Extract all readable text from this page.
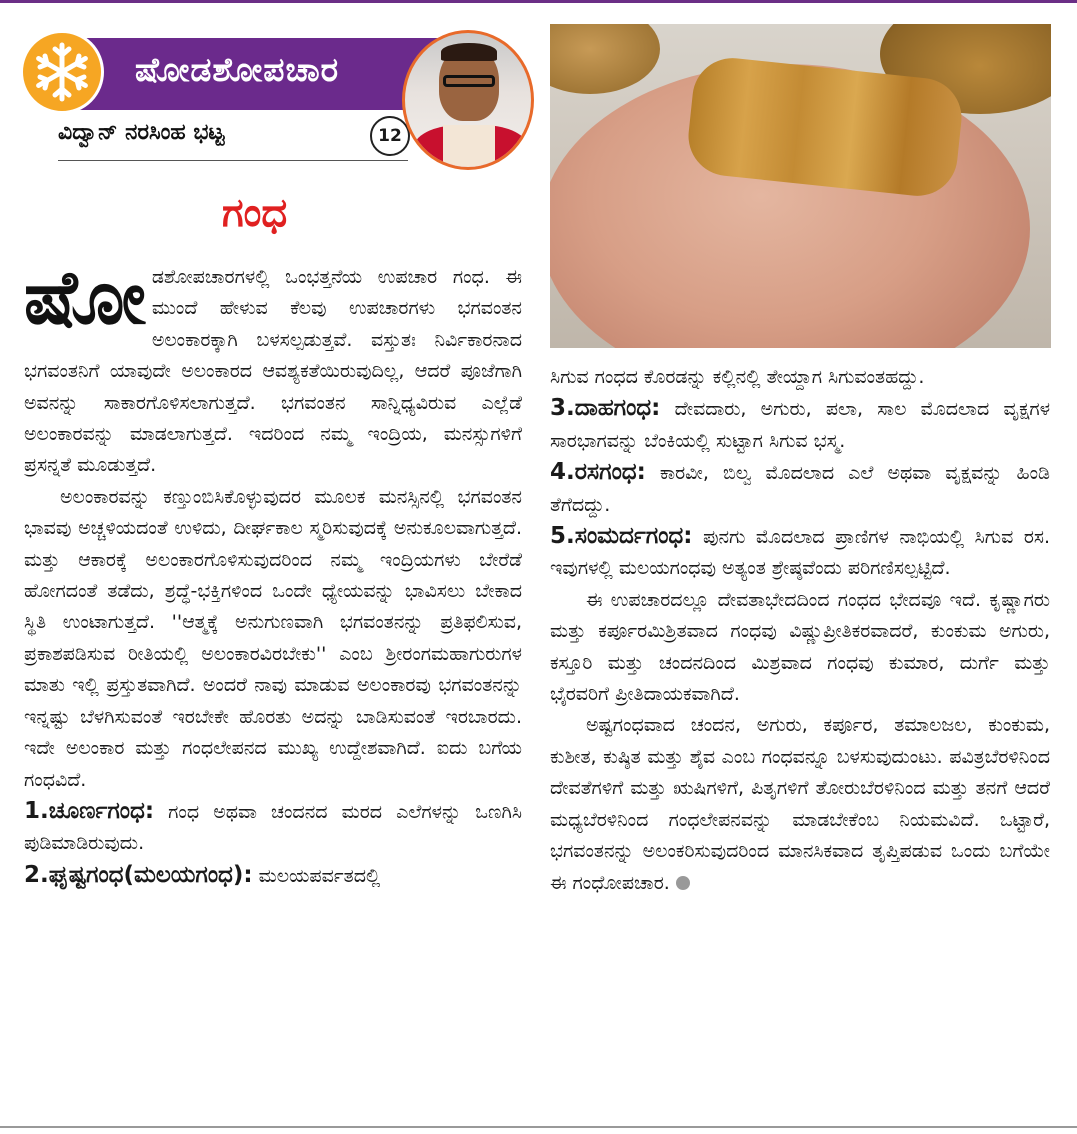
ಷೋಡಶೋಪಚಾರ
ವಿದ್ವಾನ್ ನರಸಿಂಹ ಭಟ್ಟ	12
ಗಂಧ

ಷೋಡಶೋಪಚಾರಗಳಲ್ಲಿ ಒಂಭತ್ತನೆಯ ಉಪಚಾರ ಗಂಧ. ಈ ಮುಂದೆ ಹೇಳುವ ಕೆಲವು ಉಪಚಾರಗಳು ಭಗವಂತನ ಅಲಂಕಾರಕ್ಕಾಗಿ ಬಳಸಲ್ಪಡುತ್ತವೆ. ವಸ್ತುತಃ ನಿರ್ವಿಕಾರನಾದ ಭಗವಂತನಿಗೆ ಯಾವುದೇ ಅಲಂಕಾರದ ಆವಶ್ಯಕತೆಯಿರುವುದಿಲ್ಲ, ಆದರೆ ಪೂಜೆಗಾಗಿ ಅವನನ್ನು ಸಾಕಾರಗೊಳಿಸಲಾಗುತ್ತದೆ. ಭಗವಂತನ ಸಾನ್ನಿಧ್ಯವಿರುವ ಎಲ್ಲೆಡೆ ಅಲಂಕಾರವನ್ನು ಮಾಡಲಾಗುತ್ತದೆ. ಇದರಿಂದ ನಮ್ಮ ಇಂದ್ರಿಯ, ಮನಸ್ಸುಗಳಿಗೆ ಪ್ರಸನ್ನತೆ ಮೂಡುತ್ತದೆ.

ಅಲಂಕಾರವನ್ನು ಕಣ್ತುಂಬಿಸಿಕೊಳ್ಳುವುದರ ಮೂಲಕ ಮನಸ್ಸಿನಲ್ಲಿ ಭಗವಂತನ ಭಾವವು ಅಚ್ಚಳಿಯದಂತೆ ಉಳಿದು, ದೀರ್ಘಕಾಲ ಸ್ಮರಿಸುವುದಕ್ಕೆ ಅನುಕೂಲವಾಗುತ್ತದೆ. ಮತ್ತು ಆಕಾರಕ್ಕೆ ಅಲಂಕಾರಗೊಳಿಸುವುದರಿಂದ ನಮ್ಮ ಇಂದ್ರಿಯಗಳು ಬೇರೆಡೆ ಹೋಗದಂತೆ ತಡೆದು, ಶ್ರದ್ಧೆ-ಭಕ್ತಿಗಳಿಂದ ಒಂದೇ ಧ್ಯೇಯವನ್ನು ಭಾವಿಸಲು ಬೇಕಾದ ಸ್ಥಿತಿ ಉಂಟಾಗುತ್ತದೆ. ''ಆತ್ಮಕ್ಕೆ ಅನುಗುಣವಾಗಿ ಭಗವಂತನನ್ನು ಪ್ರತಿಫಲಿಸುವ, ಪ್ರಕಾಶಪಡಿಸುವ ರೀತಿಯಲ್ಲಿ ಅಲಂಕಾರವಿರಬೇಕು'' ಎಂಬ ಶ್ರೀರಂಗಮಹಾಗುರುಗಳ ಮಾತು ಇಲ್ಲಿ ಪ್ರಸ್ತುತವಾಗಿದೆ. ಅಂದರೆ ನಾವು ಮಾಡುವ ಅಲಂಕಾರವು ಭಗವಂತನನ್ನು ಇನ್ನಷ್ಟು ಬೆಳಗಿಸುವಂತೆ ಇರಬೇಕೇ ಹೊರತು ಅದನ್ನು ಬಾಡಿಸುವಂತೆ ಇರಬಾರದು. ಇದೇ ಅಲಂಕಾರ ಮತ್ತು ಗಂಧಲೇಪನದ ಮುಖ್ಯ ಉದ್ದೇಶವಾಗಿದೆ. ಐದು ಬಗೆಯ ಗಂಧವಿದೆ.

1.ಚೂರ್ಣಗಂಧ: ಗಂಧ ಅಥವಾ ಚಂದನದ ಮರದ ಎಲೆಗಳನ್ನು ಒಣಗಿಸಿ ಪುಡಿಮಾಡಿರುವುದು.

2.ಘೃಷ್ಟಗಂಧ(ಮಲಯಗಂಧ): ಮಲಯಪರ್ವತದಲ್ಲಿ

ಸಿಗುವ ಗಂಧದ ಕೊರಡನ್ನು ಕಲ್ಲಿನಲ್ಲಿ ತೇಯ್ದಾಗ ಸಿಗುವಂತಹದ್ದು.

3.ದಾಹಗಂಧ: ದೇವದಾರು, ಅಗುರು, ಪಲಾ, ಸಾಲ ಮೊದಲಾದ ವೃಕ್ಷಗಳ ಸಾರಭಾಗವನ್ನು ಬೆಂಕಿಯಲ್ಲಿ ಸುಟ್ಟಾಗ ಸಿಗುವ ಭಸ್ಮ.

4.ರಸಗಂಧ: ಕಾರವೀ, ಬಿಲ್ವ ಮೊದಲಾದ ಎಲೆ ಅಥವಾ ವೃಕ್ಷವನ್ನು ಹಿಂಡಿ ತೆಗೆದದ್ದು.

5.ಸಂಮರ್ದಗಂಧ: ಪುನಗು ಮೊದಲಾದ ಪ್ರಾಣಿಗಳ ನಾಭಿಯಲ್ಲಿ ಸಿಗುವ ರಸ. ಇವುಗಳಲ್ಲಿ ಮಲಯಗಂಧವು ಅತ್ಯಂತ ಶ್ರೇಷ್ಠವೆಂದು ಪರಿಗಣಿಸಲ್ಪಟ್ಟಿದೆ.

ಈ ಉಪಚಾರದಲ್ಲೂ ದೇವತಾಭೇದದಿಂದ ಗಂಧದ ಭೇದವೂ ಇದೆ. ಕೃಷ್ಣಾಗರು ಮತ್ತು ಕರ್ಪೂರಮಿಶ್ರಿತವಾದ ಗಂಧವು ವಿಷ್ಣುಪ್ರೀತಿಕರವಾದರೆ, ಕುಂಕುಮ ಅಗುರು, ಕಸ್ತೂರಿ ಮತ್ತು ಚಂದನದಿಂದ ಮಿಶ್ರವಾದ ಗಂಧವು ಕುಮಾರ, ದುರ್ಗೆ ಮತ್ತು ಭೈರವರಿಗೆ ಪ್ರೀತಿದಾಯಕವಾಗಿದೆ.

ಅಷ್ಟಗಂಧವಾದ ಚಂದನ, ಅಗುರು, ಕರ್ಪೂರ, ತಮಾಲಜಲ, ಕುಂಕುಮ, ಕುಶೀತ, ಕುಷ್ಠಿತ ಮತ್ತು ಶೈವ ಎಂಬ ಗಂಧವನ್ನೂ ಬಳಸುವುದುಂಟು. ಪವಿತ್ರಬೆರಳಿನಿಂದ ದೇವತೆಗಳಿಗೆ ಮತ್ತು ಋಷಿಗಳಿಗೆ, ಪಿತೃಗಳಿಗೆ ತೋರುಬೆರಳಿನಿಂದ ಮತ್ತು ತನಗೆ ಆದರೆ ಮಧ್ಯಬೆರಳಿನಿಂದ ಗಂಧಲೇಪನವನ್ನು ಮಾಡಬೇಕೆಂಬ ನಿಯಮವಿದೆ. ಒಟ್ಟಾರೆ, ಭಗವಂತನನ್ನು ಅಲಂಕರಿಸುವುದರಿಂದ ಮಾನಸಿಕವಾದ ತೃಪ್ತಿಪಡುವ ಒಂದು ಬಗೆಯೇ ಈ ಗಂಧೋಪಚಾರ.
